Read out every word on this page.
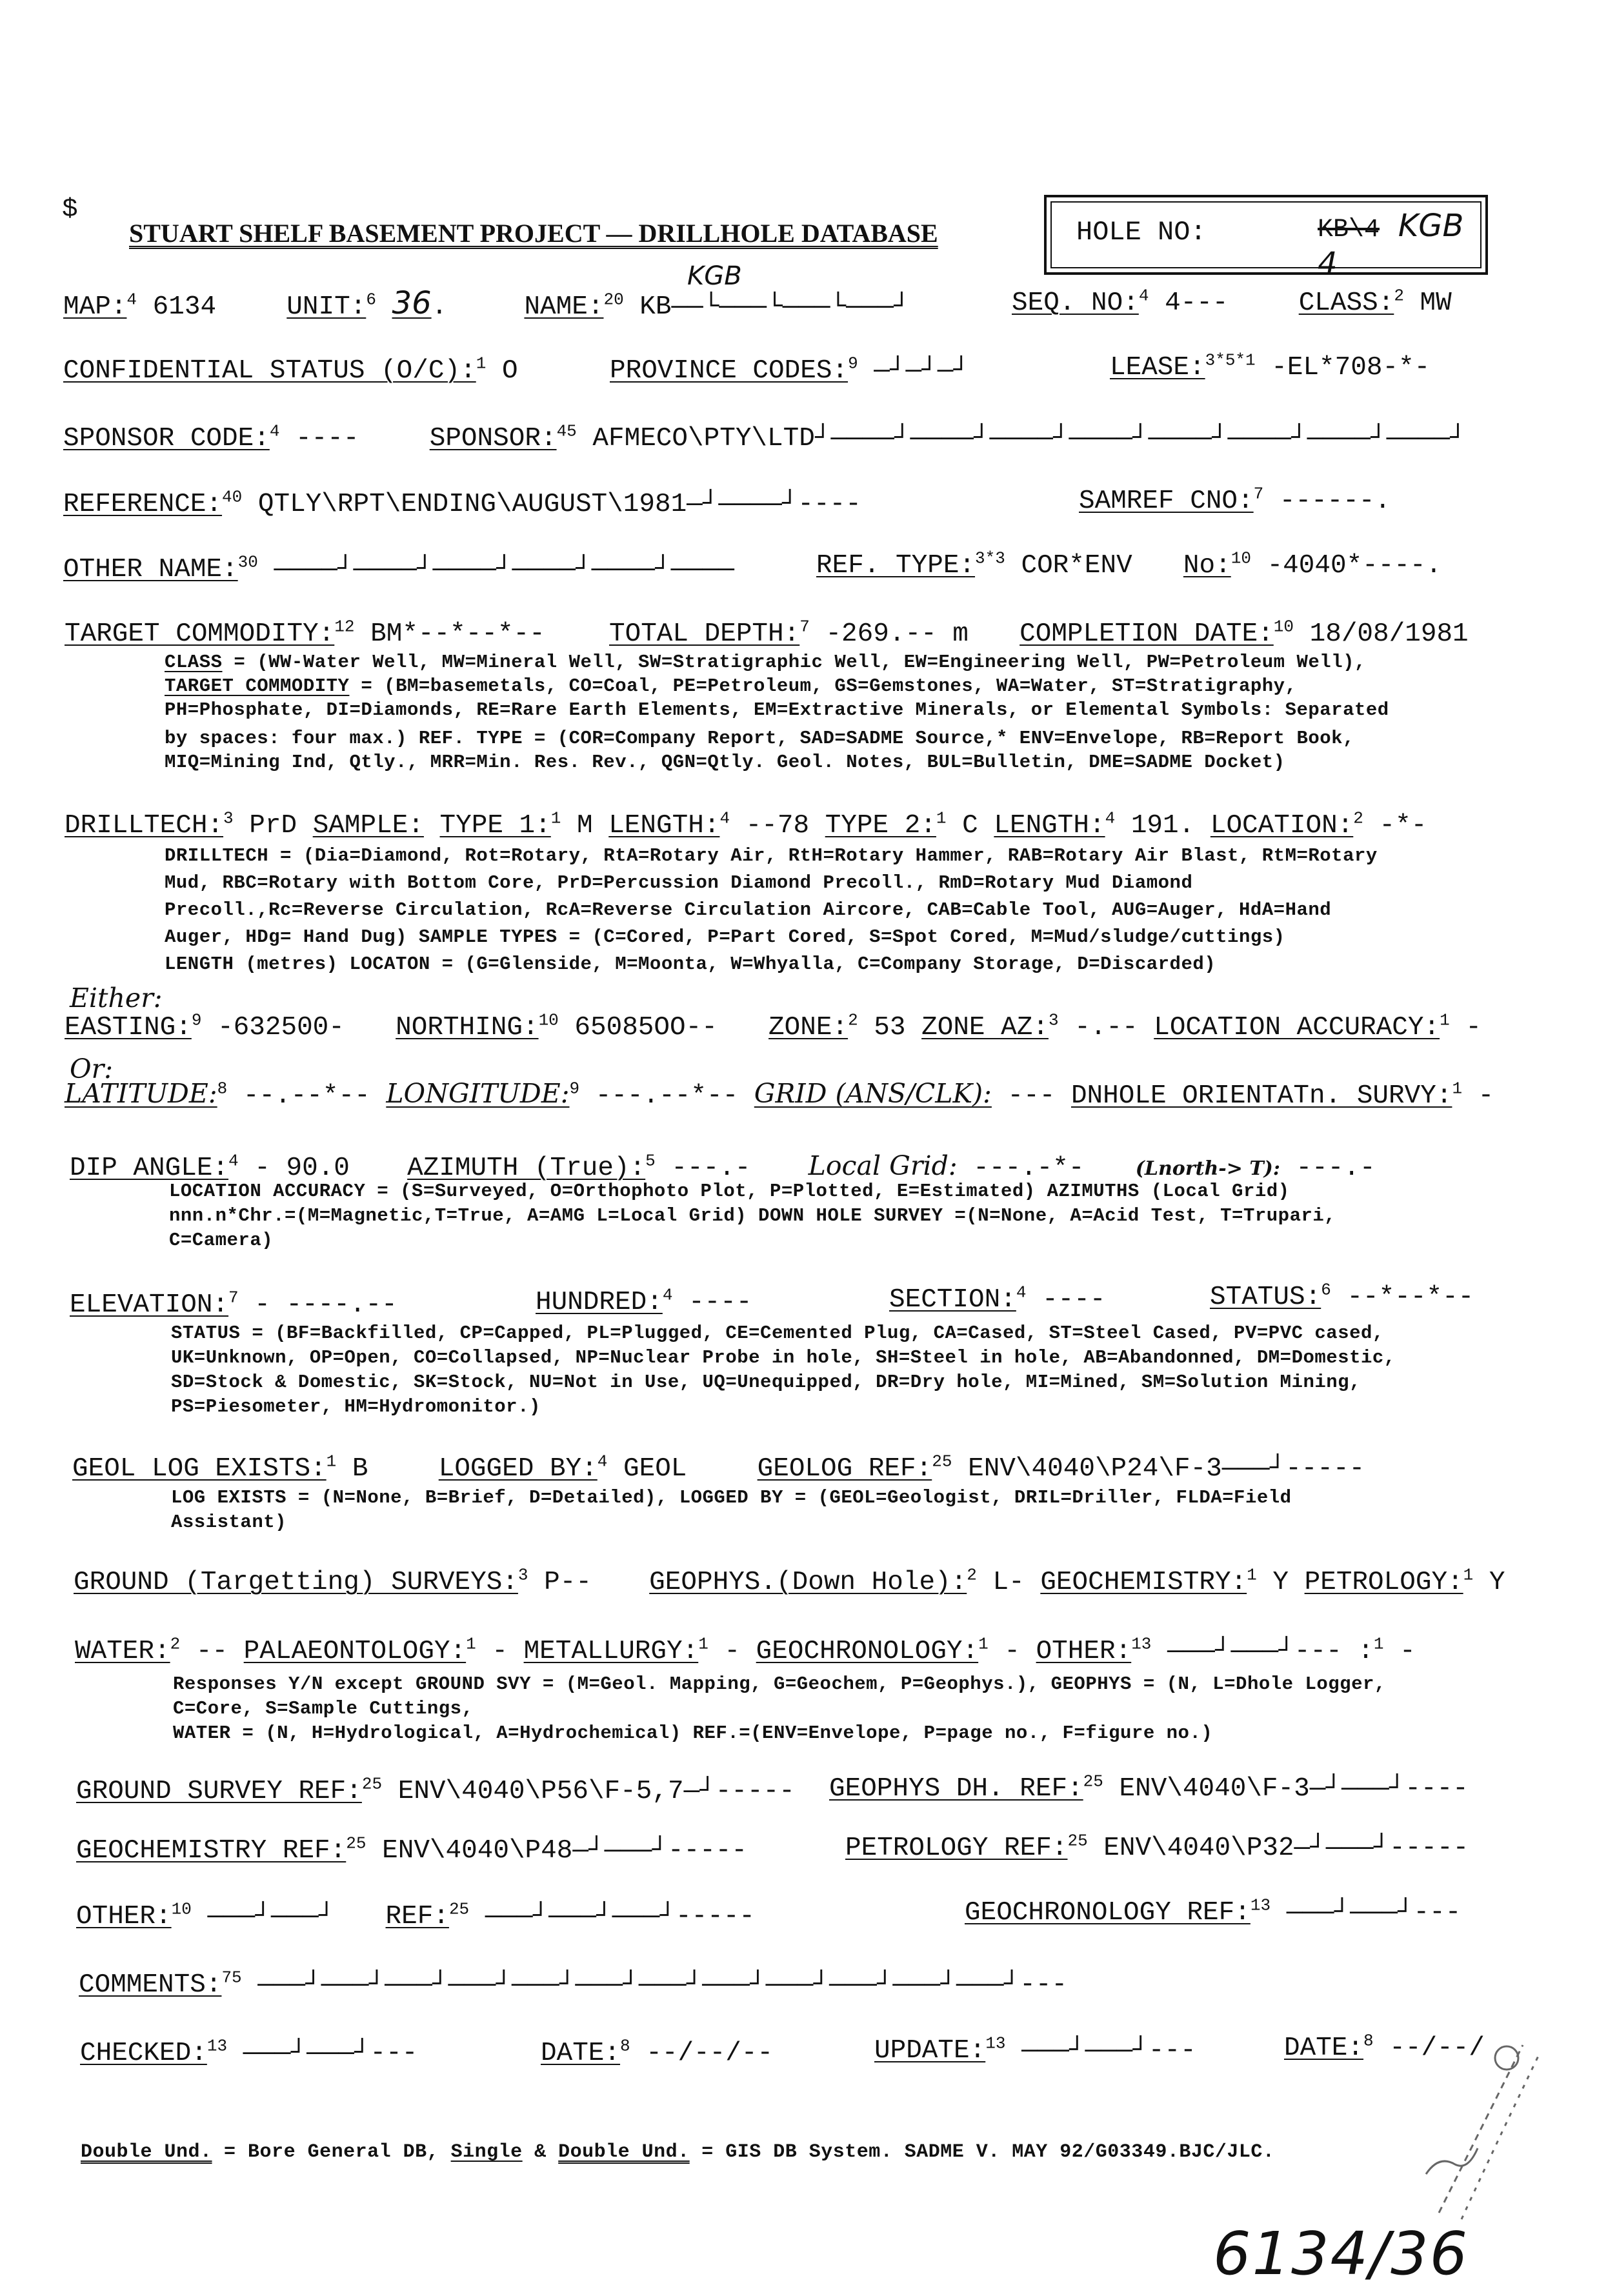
$
STUART SHELF BASEMENT PROJECT — DRILLHOLE DATABASE	HOLE NO:	KB\4 KGB 4
MAP:$^4$ 6134	UNIT:$^6$ 36.	NAME:$^{20}$ KB——└———└———└———┘
KGB
SEQ. NO:$^4$ 4---	CLASS:$^2$ MW
CONFIDENTIAL STATUS (O/C):$^1$ O	PROVINCE CODES:$^9$ —┘—┘—┘	LEASE:$^{3*5*1}$ -EL*708-*-
SPONSOR CODE:$^4$ ----	SPONSOR:$^{45}$ AFMECO\PTY\LTD┘————┘————┘————┘————┘————┘————┘————┘————┘
REFERENCE:$^{40}$ QTLY\RPT\ENDING\AUGUST\1981—┘————┘----	SAMREF CNO:$^7$ ------.
OTHER NAME:$^{30}$ ————┘————┘————┘————┘————┘————	REF. TYPE:$^{3*3}$ COR*ENV No:$^{10}$ -4040*----.
TARGET COMMODITY:$^{12}$ BM*--*--*-- TOTAL DEPTH:$^7$ -269.-- m COMPLETION DATE:$^{10}$ 18/08/1981
CLASS = (WW-Water Well, MW=Mineral Well, SW=Stratigraphic Well, EW=Engineering Well, PW=Petroleum Well),
TARGET COMMODITY = (BM=basemetals, CO=Coal, PE=Petroleum, GS=Gemstones, WA=Water, ST=Stratigraphy,
PH=Phosphate, DI=Diamonds, RE=Rare Earth Elements, EM=Extractive Minerals, or Elemental Symbols: Separated
by spaces: four max.) REF. TYPE = (COR=Company Report, SAD=SADME Source,* ENV=Envelope, RB=Report Book,
MIQ=Mining Ind, Qtly., MRR=Min. Res. Rev., QGN=Qtly. Geol. Notes, BUL=Bulletin, DME=SADME Docket)
DRILLTECH:$^3$ PrD SAMPLE: TYPE 1:$^1$ M LENGTH:$^4$ --78 TYPE 2:$^1$ C LENGTH:$^4$ 191. LOCATION:$^2$ -*-
DRILLTECH = (Dia=Diamond, Rot=Rotary, RtA=Rotary Air, RtH=Rotary Hammer, RAB=Rotary Air Blast, RtM=Rotary
Mud, RBC=Rotary with Bottom Core, PrD=Percussion Diamond Precoll., RmD=Rotary Mud Diamond
Precoll.,Rc=Reverse Circulation, RcA=Reverse Circulation Aircore, CAB=Cable Tool, AUG=Auger, HdA=Hand
Auger, HDg= Hand Dug) SAMPLE TYPES = (C=Cored, P=Part Cored, S=Spot Cored, M=Mud/sludge/cuttings)
LENGTH (metres) LOCATON = (G=Glenside, M=Moonta, W=Whyalla, C=Company Storage, D=Discarded)
Either:
EASTING:$^9$ -632500- NORTHING:$^{10}$ 65085OO-- ZONE:$^2$ 53 ZONE AZ:$^3$ -.-- LOCATION ACCURACY:$^1$ -
Or:
LATITUDE:$^8$ --.--*-- LONGITUDE:$^9$ ---.--*-- GRID (ANS/CLK): --- DNHOLE ORIENTATn. SURVY:$^1$ -
DIP ANGLE:$^4$ - 90.0 AZIMUTH (True):$^5$ ---.- Local Grid: ---.-*-	(Lnorth-> T): ---.-
LOCATION ACCURACY = (S=Surveyed, O=Orthophoto Plot, P=Plotted, E=Estimated) AZIMUTHS (Local Grid)
nnn.n*Chr.=(M=Magnetic,T=True, A=AMG L=Local Grid) DOWN HOLE SURVEY =(N=None, A=Acid Test, T=Trupari,
C=Camera)
ELEVATION:$^7$ - ----.--	HUNDRED:$^4$ ----	SECTION:$^4$ ----	STATUS:$^6$ --*--*--
STATUS = (BF=Backfilled, CP=Capped, PL=Plugged, CE=Cemented Plug, CA=Cased, ST=Steel Cased, PV=PVC cased,
UK=Unknown, OP=Open, CO=Collapsed, NP=Nuclear Probe in hole, SH=Steel in hole, AB=Abandonned, DM=Domestic,
SD=Stock & Domestic, SK=Stock, NU=Not in Use, UQ=Unequipped, DR=Dry hole, MI=Mined, SM=Solution Mining,
PS=Piesometer, HM=Hydromonitor.)
GEOL LOG EXISTS:$^1$ B	LOGGED BY:$^4$ GEOL	GEOLOG REF:$^{25}$ ENV\4040\P24\F-3———┘-----
LOG EXISTS = (N=None, B=Brief, D=Detailed), LOGGED BY = (GEOL=Geologist, DRIL=Driller, FLDA=Field
Assistant)
GROUND (Targetting) SURVEYS:$^3$ P-- GEOPHYS.(Down Hole):$^2$ L- GEOCHEMISTRY:$^1$ Y PETROLOGY:$^1$ Y
WATER:$^2$ -- PALAEONTOLOGY:$^1$ - METALLURGY:$^1$ - GEOCHRONOLOGY:$^1$ - OTHER:$^{13}$ ———┘———┘--- :$^1$ -
Responses Y/N except GROUND SVY = (M=Geol. Mapping, G=Geochem, P=Geophys.), GEOPHYS = (N, L=Dhole Logger,
C=Core, S=Sample Cuttings,
WATER = (N, H=Hydrological, A=Hydrochemical) REF.=(ENV=Envelope, P=page no., F=figure no.)
GROUND SURVEY REF:$^{25}$ ENV\4040\P56\F-5,7—┘----- GEOPHYS DH. REF:$^{25}$ ENV\4040\F-3—┘———┘----
GEOCHEMISTRY REF:$^{25}$ ENV\4040\P48—┘———┘-----	PETROLOGY REF:$^{25}$ ENV\4040\P32—┘———┘-----
OTHER:$^{10}$ ———┘———┘ REF:$^{25}$ ———┘———┘———┘-----	GEOCHRONOLOGY REF:$^{13}$ ———┘———┘---
COMMENTS:$^{75}$ ———┘———┘———┘———┘———┘———┘———┘———┘———┘———┘———┘———┘---
CHECKED:$^{13}$ ———┘———┘---	DATE:$^8$ --/--/--	UPDATE:$^{13}$ ———┘———┘---	DATE:$^8$ --/--/
Double Und. = Bore General DB, Single & Double Und. = GIS DB System. SADME V. MAY 92/G03349.BJC/JLC.
6134/36
